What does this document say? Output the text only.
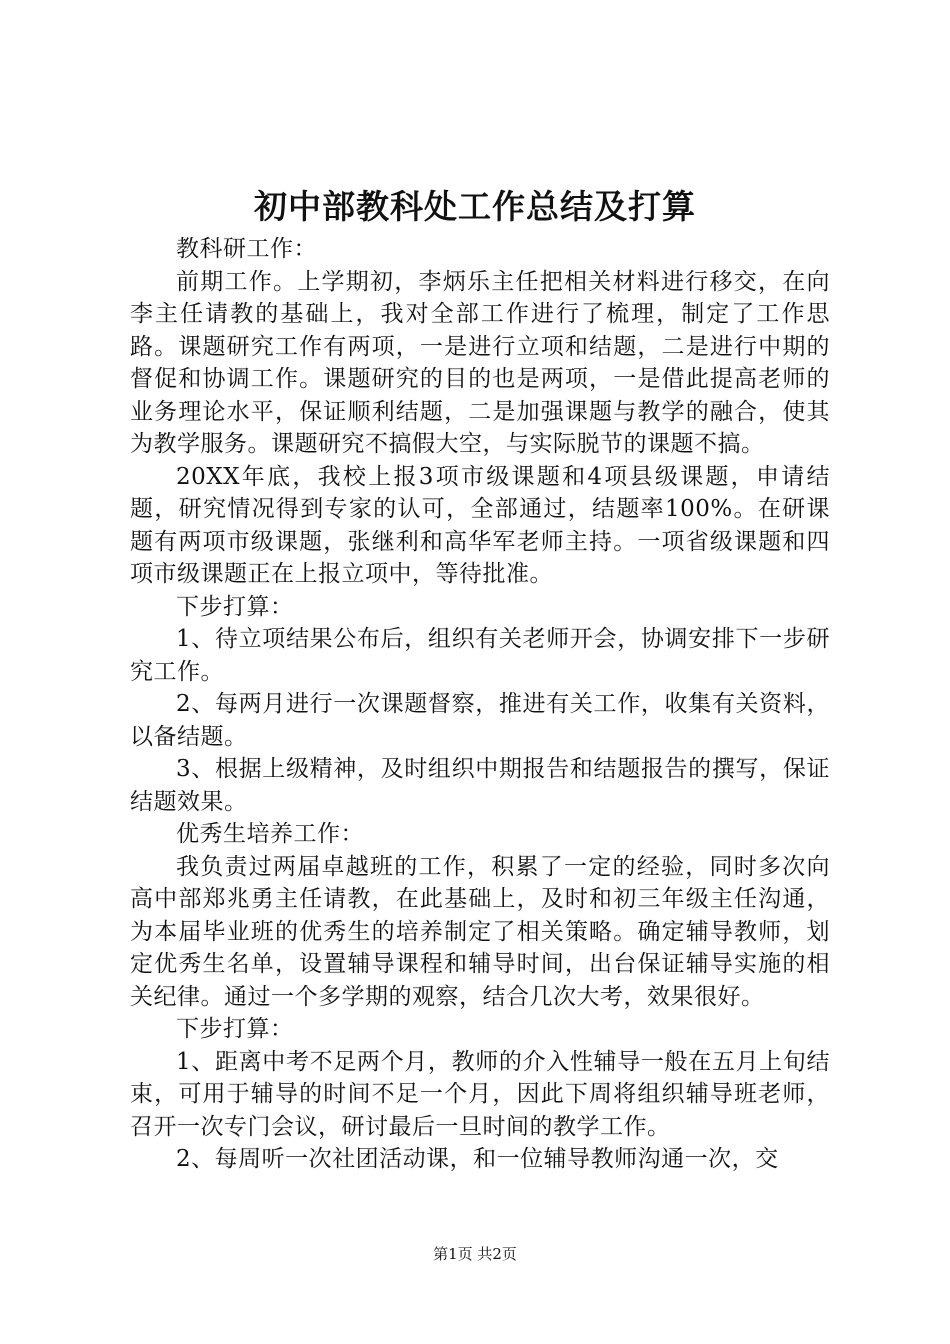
初中部教科处工作总结及打算

教科研工作：

前期工作。上学期初，李炳乐主任把相关材料进行移交，在向李主任请教的基础上，我对全部工作进行了梳理，制定了工作思路。课题研究工作有两项，一是进行立项和结题，二是进行中期的督促和协调工作。课题研究的目的也是两项，一是借此提高老师的业务理论水平，保证顺利结题，二是加强课题与教学的融合，使其为教学服务。课题研究不搞假大空，与实际脱节的课题不搞。

20XX年底，我校上报3项市级课题和4项县级课题，申请结题，研究情况得到专家的认可，全部通过，结题率100%。在研课题有两项市级课题，张继利和高华军老师主持。一项省级课题和四项市级课题正在上报立项中，等待批准。

下步打算：

1、待立项结果公布后，组织有关老师开会，协调安排下一步研究工作。

2、每两月进行一次课题督察，推进有关工作，收集有关资料，以备结题。

3、根据上级精神，及时组织中期报告和结题报告的撰写，保证结题效果。

优秀生培养工作：

我负责过两届卓越班的工作，积累了一定的经验，同时多次向高中部郑兆勇主任请教，在此基础上，及时和初三年级主任沟通，为本届毕业班的优秀生的培养制定了相关策略。确定辅导教师，划定优秀生名单，设置辅导课程和辅导时间，出台保证辅导实施的相关纪律。通过一个多学期的观察，结合几次大考，效果很好。

下步打算：

1、距离中考不足两个月，教师的介入性辅导一般在五月上旬结束，可用于辅导的时间不足一个月，因此下周将组织辅导班老师，召开一次专门会议，研讨最后一旦时间的教学工作。

2、每周听一次社团活动课，和一位辅导教师沟通一次，交

第1页 共2页
